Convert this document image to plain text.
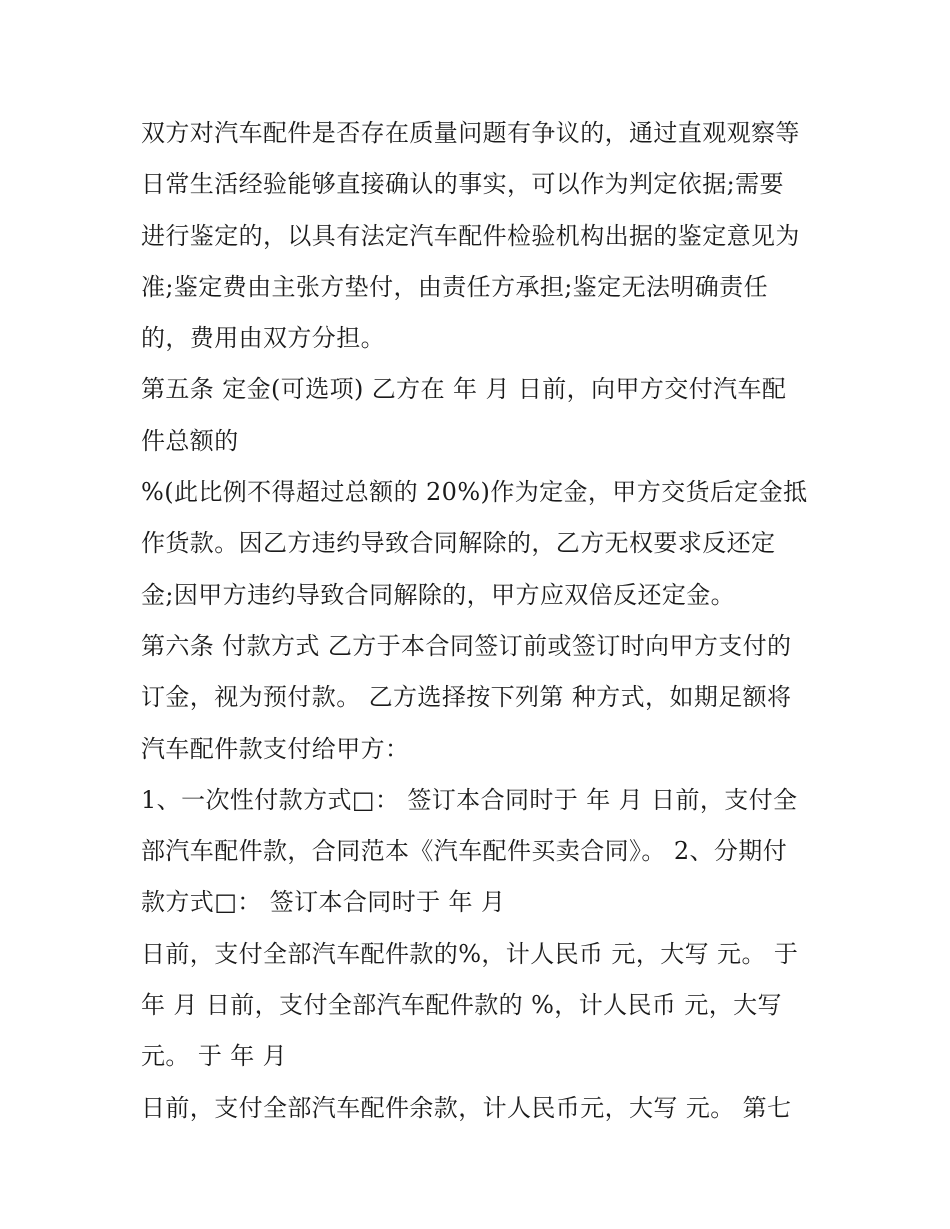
双方对汽车配件是否存在质量问题有争议的，通过直观观察等
日常生活经验能够直接确认的事实，可以作为判定依据;需要
进行鉴定的，以具有法定汽车配件检验机构出据的鉴定意见为
准;鉴定费由主张方垫付，由责任方承担;鉴定无法明确责任
的，费用由双方分担。
第五条 定金(可选项) 乙方在 年 月 日前，向甲方交付汽车配
件总额的
%(此比例不得超过总额的 20%)作为定金，甲方交货后定金抵
作货款。因乙方违约导致合同解除的，乙方无权要求反还定
金;因甲方违约导致合同解除的，甲方应双倍反还定金。
第六条 付款方式 乙方于本合同签订前或签订时向甲方支付的
订金，视为预付款。 乙方选择按下列第 种方式，如期足额将
汽车配件款支付给甲方：
1、一次性付款方式□： 签订本合同时于 年 月 日前，支付全
部汽车配件款，合同范本《汽车配件买卖合同》。 2、分期付
款方式□： 签订本合同时于 年 月
日前，支付全部汽车配件款的%，计人民币 元，大写 元。 于
年 月 日前，支付全部汽车配件款的 %，计人民币 元，大写
元。 于 年 月
日前，支付全部汽车配件余款，计人民币元，大写 元。 第七
